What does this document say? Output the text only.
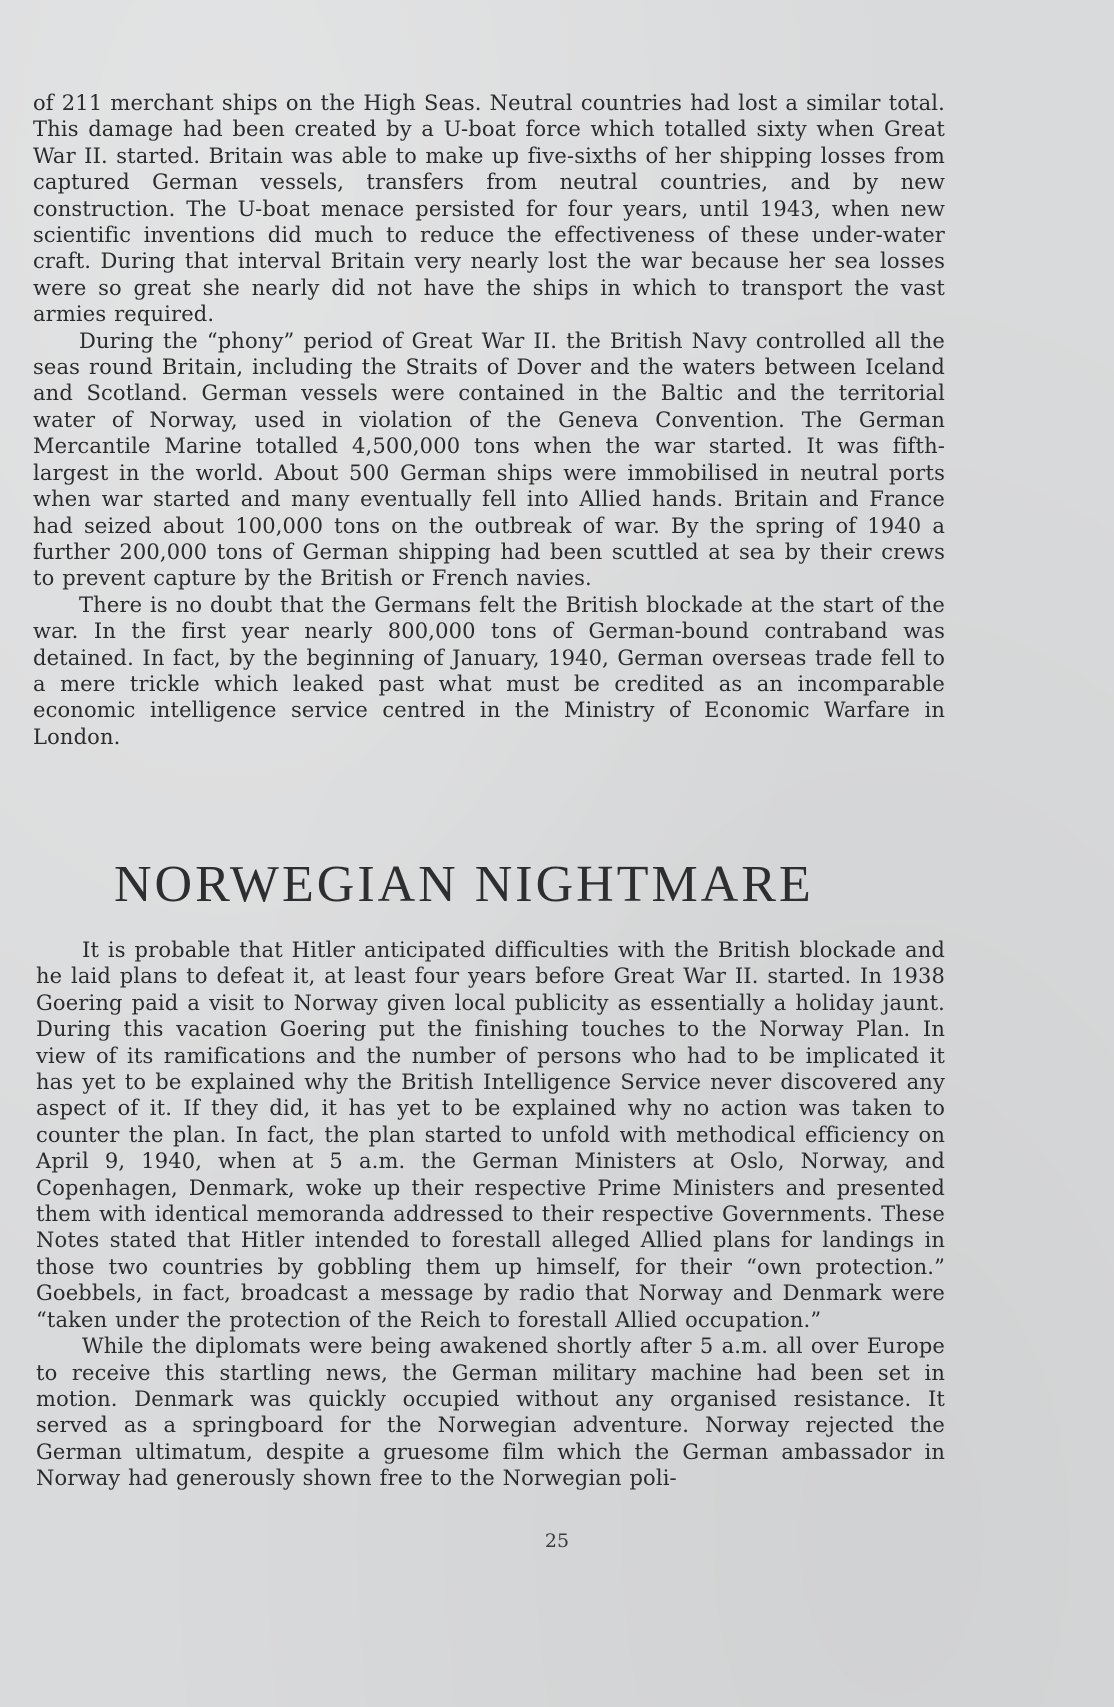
of 211 merchant ships on the High Seas. Neutral countries had lost a similar total. This damage had been created by a U-boat force which totalled sixty when Great War II. started. Britain was able to make up five-sixths of her shipping losses from captured German vessels, transfers from neutral countries, and by new construction. The U-boat menace persisted for four years, until 1943, when new scientific inventions did much to reduce the effectiveness of these under-water craft. During that interval Britain very nearly lost the war because her sea losses were so great she nearly did not have the ships in which to transport the vast armies required.

During the “phony” period of Great War II. the British Navy controlled all the seas round Britain, including the Straits of Dover and the waters between Iceland and Scotland. German vessels were contained in the Baltic and the territorial water of Norway, used in violation of the Geneva Convention. The German Mercantile Marine totalled 4,500,000 tons when the war started. It was fifth-largest in the world. About 500 German ships were immobilised in neutral ports when war started and many eventually fell into Allied hands. Britain and France had seized about 100,000 tons on the outbreak of war. By the spring of 1940 a further 200,000 tons of German shipping had been scuttled at sea by their crews to prevent capture by the British or French navies.

There is no doubt that the Germans felt the British blockade at the start of the war. In the first year nearly 800,000 tons of German-bound contraband was detained. In fact, by the beginning of January, 1940, German overseas trade fell to a mere trickle which leaked past what must be credited as an incomparable economic intelligence service centred in the Ministry of Economic Warfare in London.

NORWEGIAN NIGHTMARE

It is probable that Hitler anticipated difficulties with the British blockade and he laid plans to defeat it, at least four years before Great War II. started. In 1938 Goering paid a visit to Norway given local publicity as essentially a holiday jaunt. During this vacation Goering put the finishing touches to the Norway Plan. In view of its ramifications and the number of persons who had to be implicated it has yet to be explained why the British Intelligence Service never discovered any aspect of it. If they did, it has yet to be explained why no action was taken to counter the plan. In fact, the plan started to unfold with methodical efficiency on April 9, 1940, when at 5 a.m. the German Ministers at Oslo, Norway, and Copenhagen, Denmark, woke up their respective Prime Ministers and presented them with identical memoranda addressed to their respective Governments. These Notes stated that Hitler intended to forestall alleged Allied plans for landings in those two countries by gobbling them up himself, for their “own protection.” Goebbels, in fact, broadcast a message by radio that Norway and Denmark were “taken under the protection of the Reich to forestall Allied occupation.”

While the diplomats were being awakened shortly after 5 a.m. all over Europe to receive this startling news, the German military machine had been set in motion. Denmark was quickly occupied without any organised resistance. It served as a springboard for the Norwegian adventure. Norway rejected the German ultimatum, despite a gruesome film which the German ambassador in Norway had generously shown free to the Norwegian poli-

25
